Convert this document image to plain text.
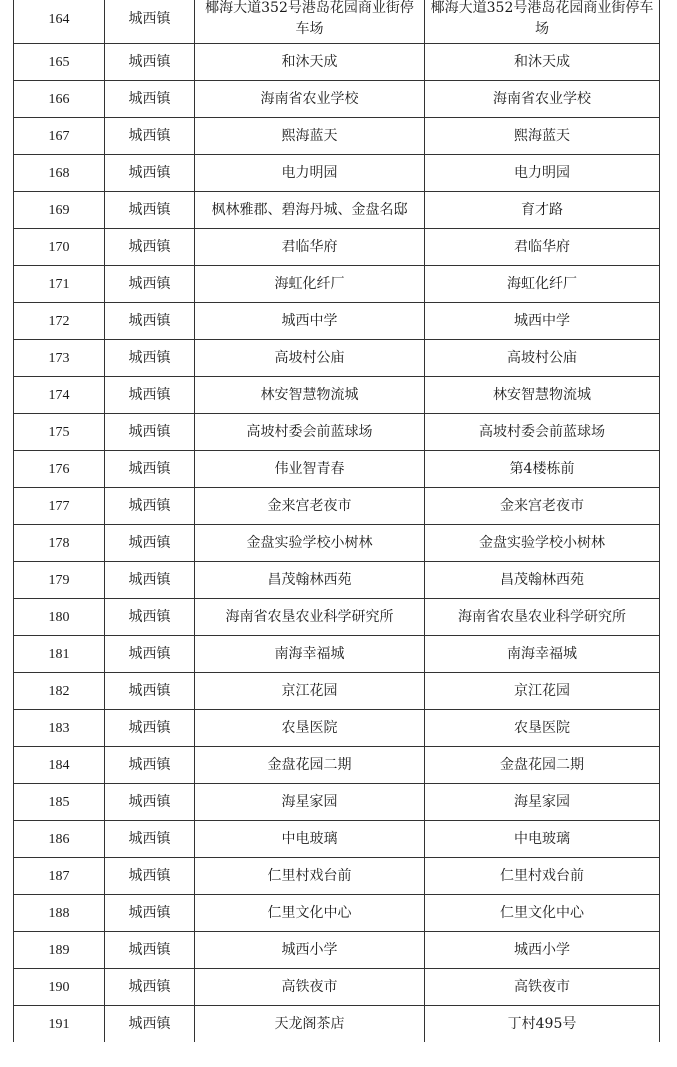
164	城西镇	椰海大道352号港岛花园商业街停车场	椰海大道352号港岛花园商业街停车场
165	城西镇	和沐天成	和沐天成
166	城西镇	海南省农业学校	海南省农业学校
167	城西镇	熙海蓝天	熙海蓝天
168	城西镇	电力明园	电力明园
169	城西镇	枫林雅郡、碧海丹城、金盘名邸	育才路
170	城西镇	君临华府	君临华府
171	城西镇	海虹化纤厂	海虹化纤厂
172	城西镇	城西中学	城西中学
173	城西镇	高坡村公庙	高坡村公庙
174	城西镇	林安智慧物流城	林安智慧物流城
175	城西镇	高坡村委会前蓝球场	高坡村委会前蓝球场
176	城西镇	伟业智青春	第4楼栋前
177	城西镇	金来宫老夜市	金来宫老夜市
178	城西镇	金盘实验学校小树林	金盘实验学校小树林
179	城西镇	昌茂翰林西苑	昌茂翰林西苑
180	城西镇	海南省农垦农业科学研究所	海南省农垦农业科学研究所
181	城西镇	南海幸福城	南海幸福城
182	城西镇	京江花园	京江花园
183	城西镇	农垦医院	农垦医院
184	城西镇	金盘花园二期	金盘花园二期
185	城西镇	海星家园	海星家园
186	城西镇	中电玻璃	中电玻璃
187	城西镇	仁里村戏台前	仁里村戏台前
188	城西镇	仁里文化中心	仁里文化中心
189	城西镇	城西小学	城西小学
190	城西镇	高铁夜市	高铁夜市
191	城西镇	天龙阁茶店	丁村495号
